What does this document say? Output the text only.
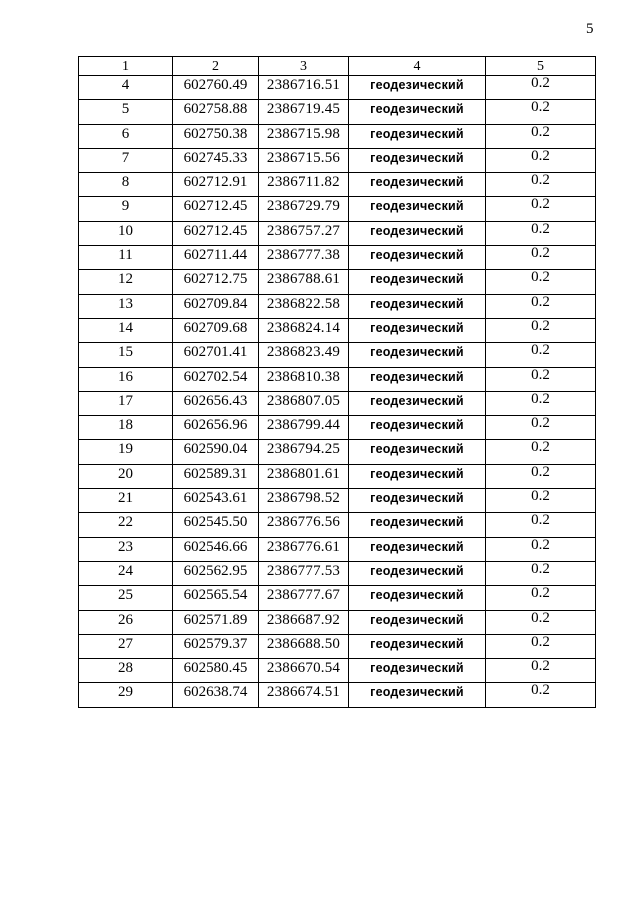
5
1	2	3	4	5
4	602760.49	2386716.51	геодезический	0.2
5	602758.88	2386719.45	геодезический	0.2
6	602750.38	2386715.98	геодезический	0.2
7	602745.33	2386715.56	геодезический	0.2
8	602712.91	2386711.82	геодезический	0.2
9	602712.45	2386729.79	геодезический	0.2
10	602712.45	2386757.27	геодезический	0.2
11	602711.44	2386777.38	геодезический	0.2
12	602712.75	2386788.61	геодезический	0.2
13	602709.84	2386822.58	геодезический	0.2
14	602709.68	2386824.14	геодезический	0.2
15	602701.41	2386823.49	геодезический	0.2
16	602702.54	2386810.38	геодезический	0.2
17	602656.43	2386807.05	геодезический	0.2
18	602656.96	2386799.44	геодезический	0.2
19	602590.04	2386794.25	геодезический	0.2
20	602589.31	2386801.61	геодезический	0.2
21	602543.61	2386798.52	геодезический	0.2
22	602545.50	2386776.56	геодезический	0.2
23	602546.66	2386776.61	геодезический	0.2
24	602562.95	2386777.53	геодезический	0.2
25	602565.54	2386777.67	геодезический	0.2
26	602571.89	2386687.92	геодезический	0.2
27	602579.37	2386688.50	геодезический	0.2
28	602580.45	2386670.54	геодезический	0.2
29	602638.74	2386674.51	геодезический	0.2
